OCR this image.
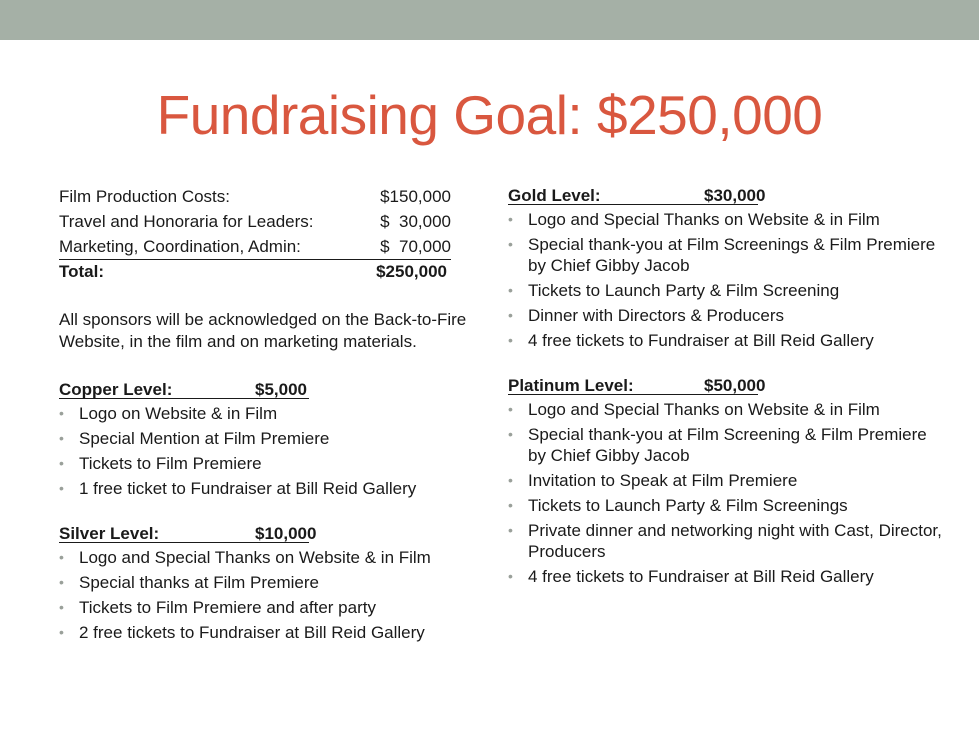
Fundraising Goal: $250,000
Film Production Costs:	$150,000
Travel and Honoraria for Leaders:	$  30,000
Marketing, Coordination, Admin:	$  70,000
Total:	$250,000
All sponsors will be acknowledged on the Back-to-Fire Website, in the film and on marketing materials.
Copper Level:	$5,000
• Logo on Website & in Film
• Special Mention at Film Premiere
• Tickets to Film Premiere
• 1 free ticket to Fundraiser at Bill Reid Gallery
Silver Level:	$10,000
• Logo and Special Thanks on Website & in Film
• Special thanks at Film Premiere
• Tickets to Film Premiere and after party
• 2 free tickets to Fundraiser at Bill Reid Gallery
Gold Level:	$30,000
• Logo and Special Thanks on Website & in Film
• Special thank-you at Film Screenings & Film Premiere by Chief Gibby Jacob
• Tickets to Launch Party & Film Screening
• Dinner with Directors & Producers
• 4 free tickets to Fundraiser at Bill Reid Gallery
Platinum Level:	$50,000
• Logo and Special Thanks on Website & in Film
• Special thank-you at Film Screening & Film Premiere by Chief Gibby Jacob
• Invitation to Speak at Film Premiere
• Tickets to Launch Party & Film Screenings
• Private dinner and networking night with Cast, Director, Producers
• 4 free tickets to Fundraiser at Bill Reid Gallery
